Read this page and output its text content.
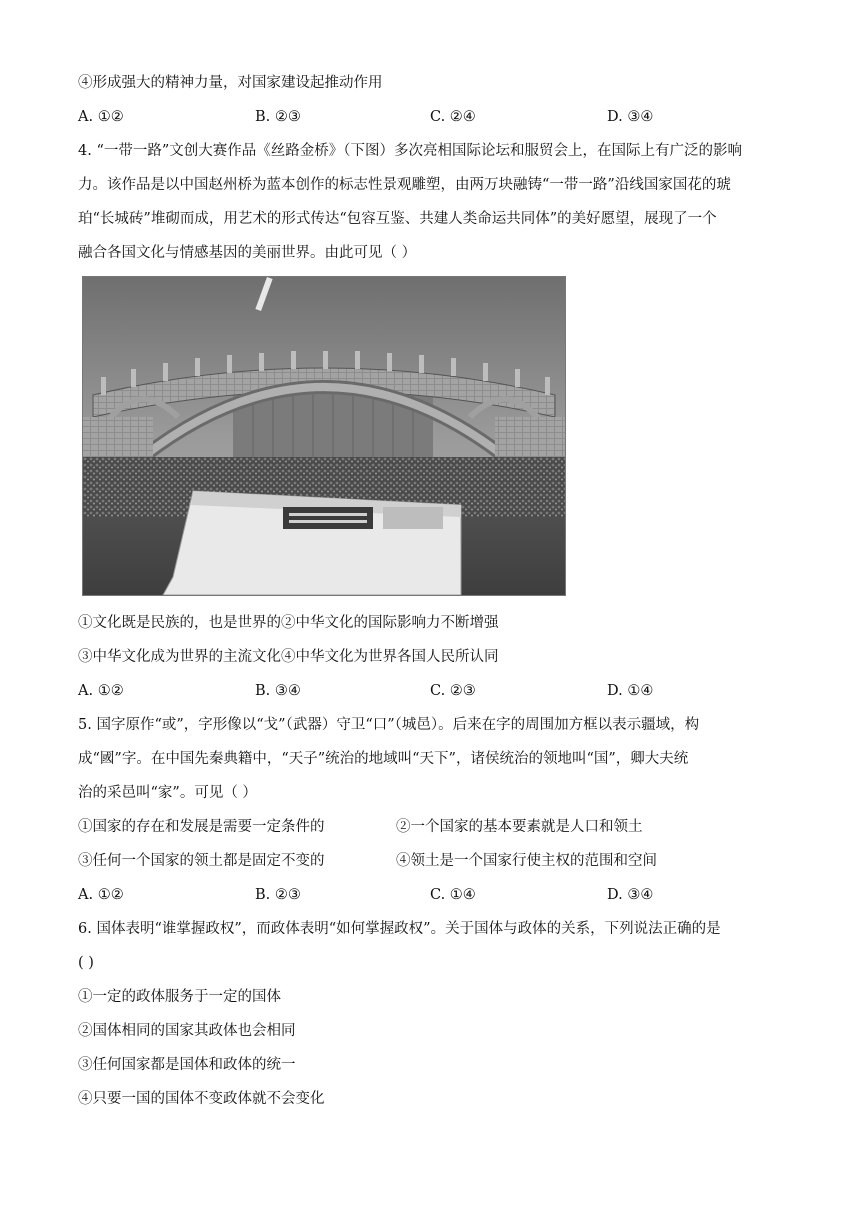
④形成强大的精神力量，对国家建设起推动作用
A. ①②	B. ②③	C. ②④	D. ③④
4. “一带一路”文创大赛作品《丝路金桥》（下图）多次亮相国际论坛和服贸会上，在国际上有广泛的影响
力。该作品是以中国赵州桥为蓝本创作的标志性景观雕塑，由两万块融铸“一带一路”沿线国家国花的琥
珀“长城砖”堆砌而成，用艺术的形式传达“包容互鉴、共建人类命运共同体”的美好愿望，展现了一个
融合各国文化与情感基因的美丽世界。由此可见（ ）
①文化既是民族的，也是世界的②中华文化的国际影响力不断增强
③中华文化成为世界的主流文化④中华文化为世界各国人民所认同
A. ①②	B. ③④	C. ②③	D. ①④
5. 国字原作“或”，字形像以“戈”（武器）守卫“口”（城邑）。后来在字的周围加方框以表示疆域，构
成“國”字。在中国先秦典籍中，“天子”统治的地域叫“天下”，诸侯统治的领地叫“国”，卿大夫统
治的采邑叫“家”。可见（ ）
①国家的存在和发展是需要一定条件的	②一个国家的基本要素就是人口和领土
③任何一个国家的领土都是固定不变的	④领土是一个国家行使主权的范围和空间
A. ①②	B. ②③	C. ①④	D. ③④
6. 国体表明“谁掌握政权”，而政体表明“如何掌握政权”。关于国体与政体的关系，下列说法正确的是
( )
①一定的政体服务于一定的国体
②国体相同的国家其政体也会相同
③任何国家都是国体和政体的统一
④只要一国的国体不变政体就不会变化
